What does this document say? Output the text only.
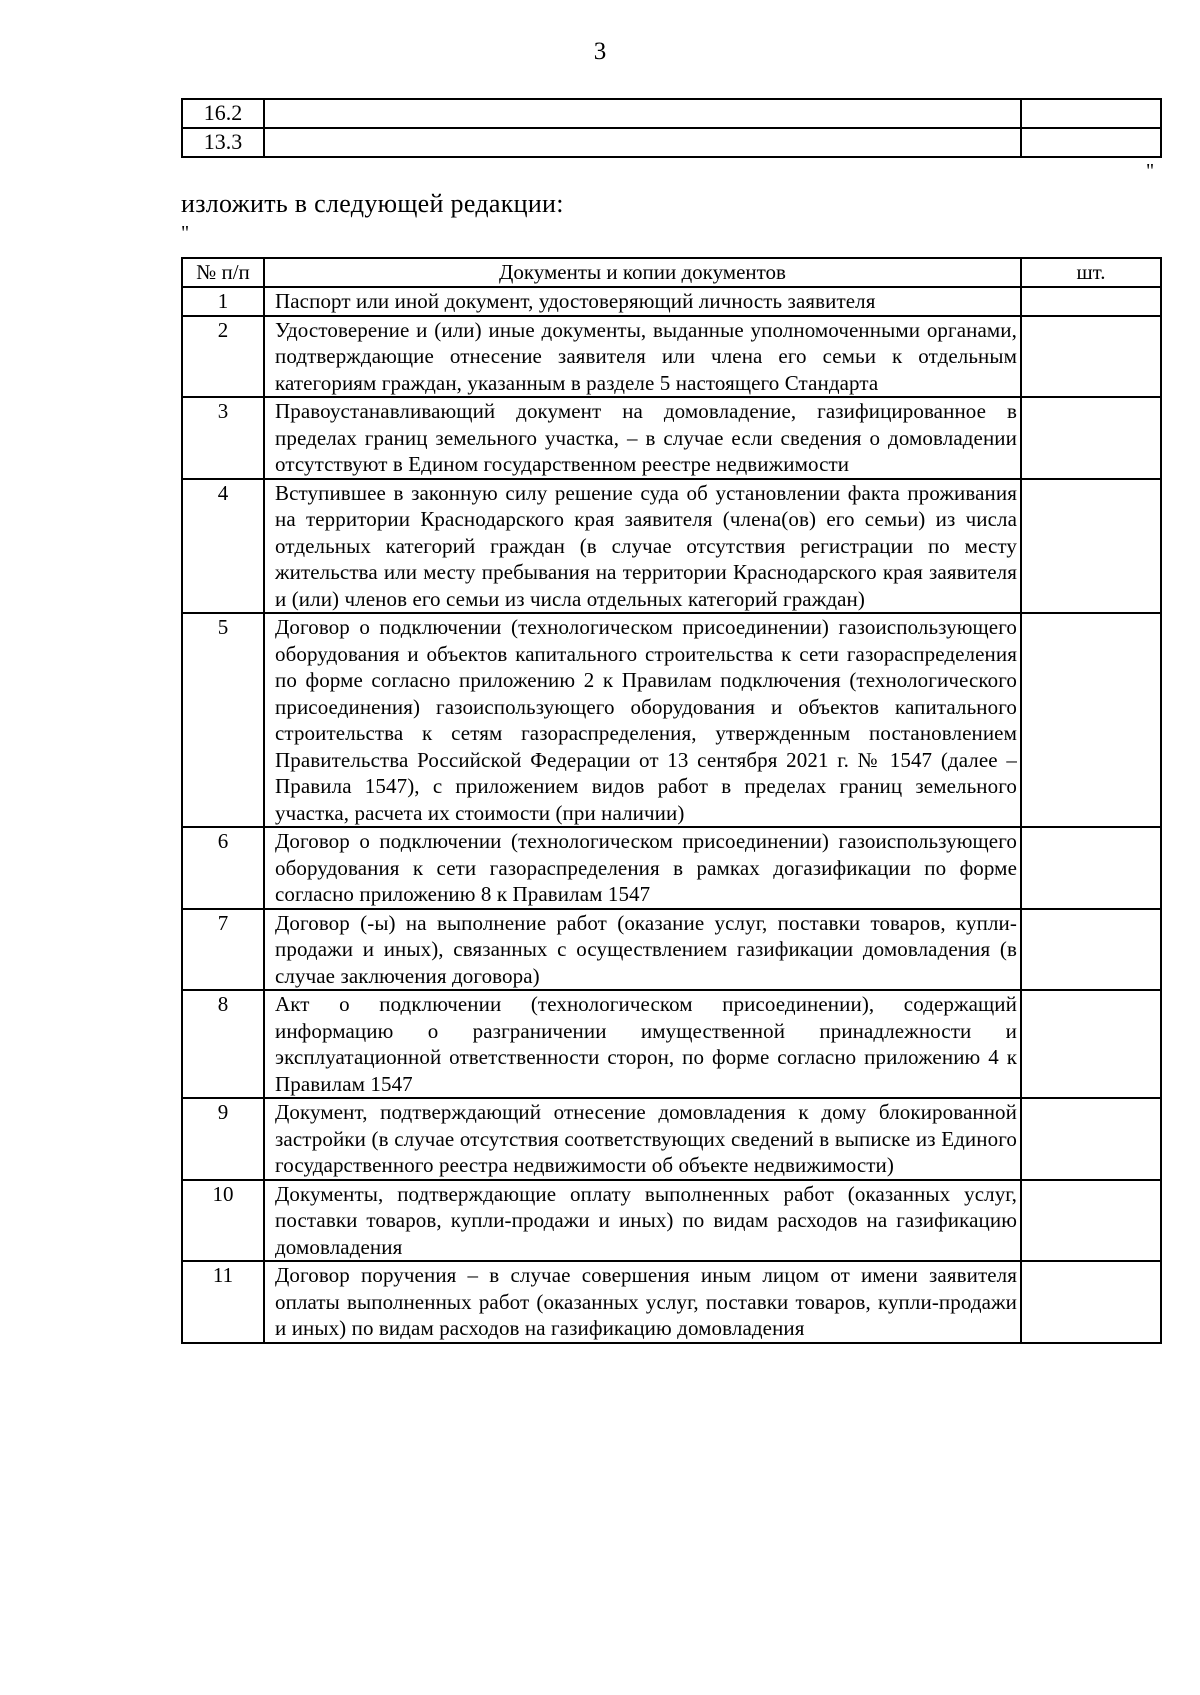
3
16.2		
13.3		
"
изложить в следующей редакции:
"
№ п/п	Документы и копии документов	шт.
1	Паспорт или иной документ, удостоверяющий личность заявителя	
2	Удостоверение и (или) иные документы, выданные уполномоченными органами, подтверждающие отнесение заявителя или члена его семьи к отдельным категориям граждан, указанным в разделе 5 настоящего Стандарта	
3	Правоустанавливающий документ на домовладение, газифицированное в пределах границ земельного участка, – в случае если сведения о домовладении отсутствуют в Едином государственном реестре недвижимости	
4	Вступившее в законную силу решение суда об установлении факта проживания на территории Краснодарского края заявителя (члена(ов) его семьи) из числа отдельных категорий граждан (в случае отсутствия регистрации по месту жительства или месту пребывания на территории Краснодарского края заявителя и (или) членов его семьи из числа отдельных категорий граждан)	
5	Договор о подключении (технологическом присоединении) газоиспользующего оборудования и объектов капитального строительства к сети газораспределения по форме согласно приложению 2 к Правилам подключения (технологического присоединения) газоиспользующего оборудования и объектов капитального строительства к сетям газораспределения, утвержденным постановлением Правительства Российской Федерации от 13 сентября 2021 г. № 1547 (далее – Правила 1547), с приложением видов работ в пределах границ земельного участка, расчета их стоимости (при наличии)	
6	Договор о подключении (технологическом присоединении) газоиспользующего оборудования к сети газораспределения в рамках догазификации по форме согласно приложению 8 к Правилам 1547	
7	Договор (-ы) на выполнение работ (оказание услуг, поставки товаров, купли-продажи и иных), связанных с осуществлением газификации домовладения (в случае заключения договора)	
8	Акт о подключении (технологическом присоединении), содержащий информацию о разграничении имущественной принадлежности и эксплуатационной ответственности сторон, по форме согласно приложению 4 к Правилам 1547	
9	Документ, подтверждающий отнесение домовладения к дому блокированной застройки (в случае отсутствия соответствующих сведений в выписке из Единого государственного реестра недвижимости об объекте недвижимости)	
10	Документы, подтверждающие оплату выполненных работ (оказанных услуг, поставки товаров, купли-продажи и иных) по видам расходов на газификацию домовладения	
11	Договор поручения – в случае совершения иным лицом от имени заявителя оплаты выполненных работ (оказанных услуг, поставки товаров, купли-продажи и иных) по видам расходов на газификацию домовладения	
